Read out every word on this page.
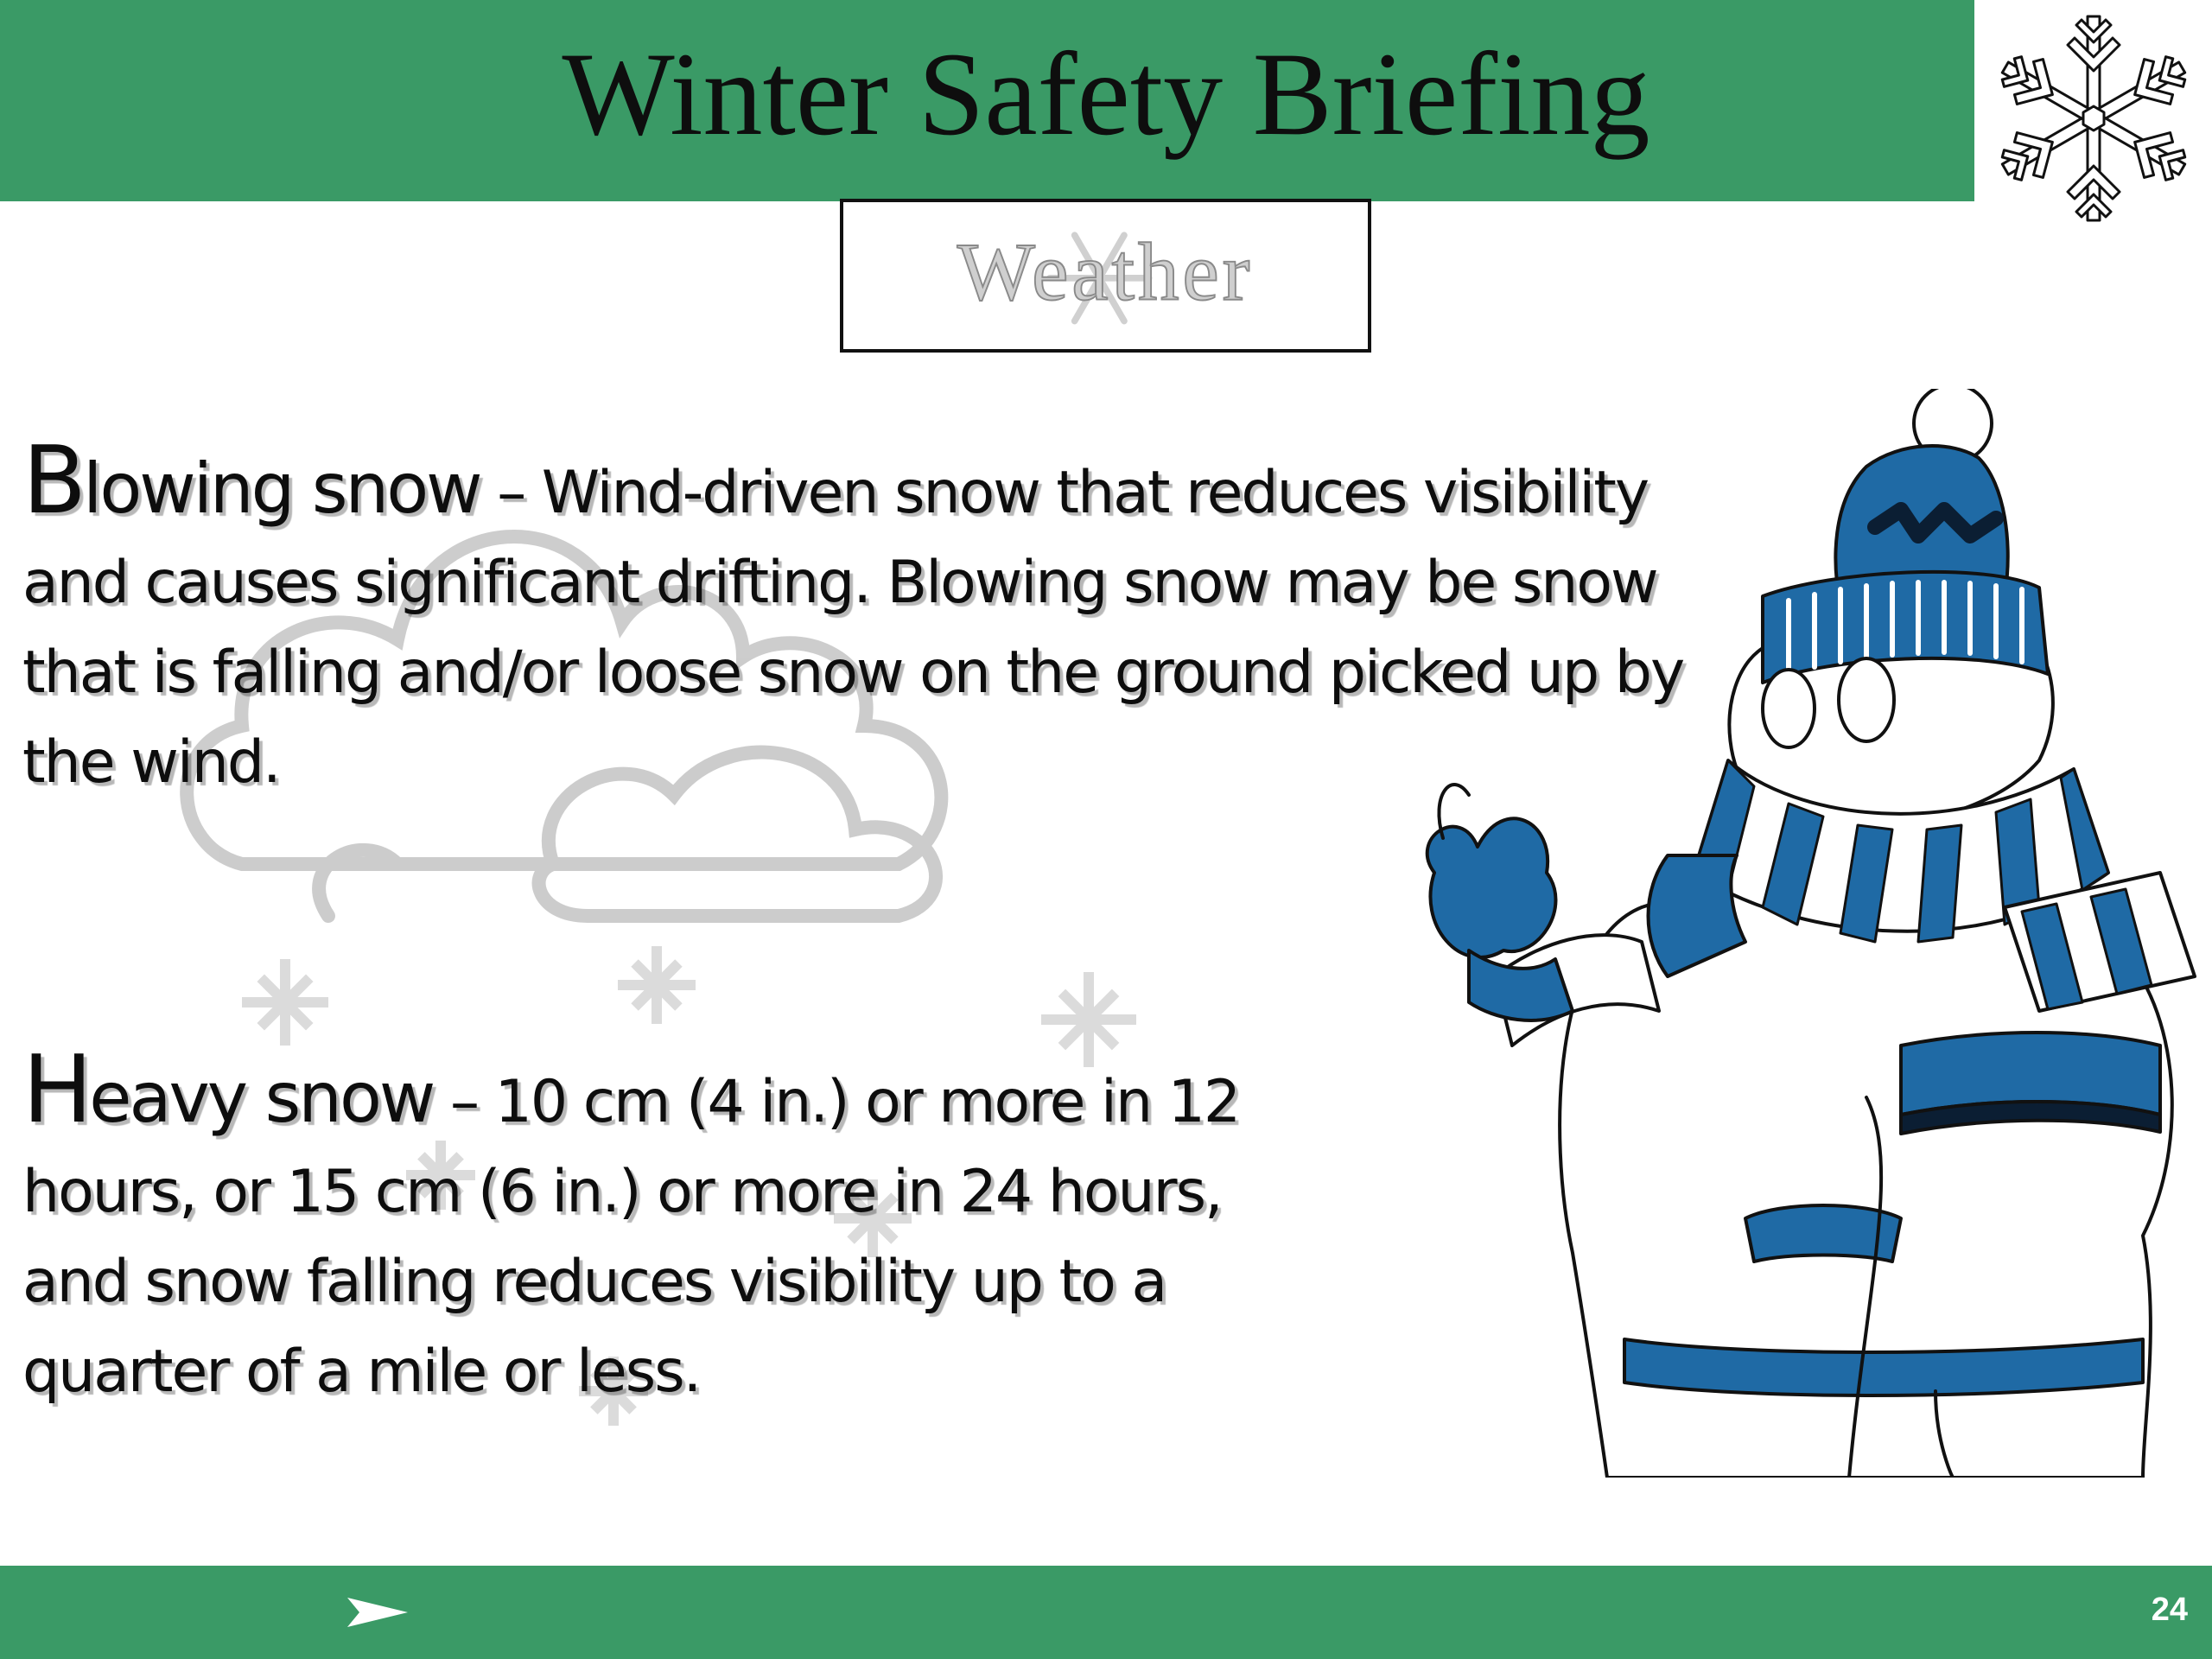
Winter Safety Briefing
Weather
Blowing snow – Wind-driven snow that reduces visibility and causes significant drifting. Blowing snow may be snow that is falling and/or loose snow on the ground picked up by the wind.
Heavy snow – 10 cm (4 in.) or more in 12 hours, or 15 cm (6 in.) or more in 24 hours, and snow falling reduces visibility up to a quarter of a mile or less.
24
